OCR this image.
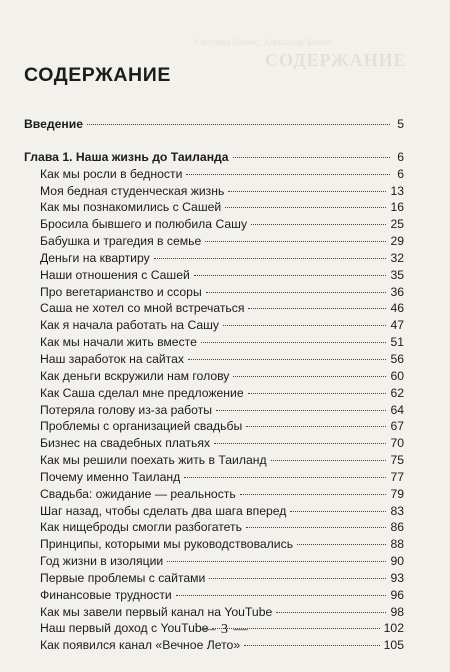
Светлана Бизнес, Александр Бизнес
СОДЕРЖАНИЕ
СОДЕРЖАНИЕ
Введение	5
Глава 1. Наша жизнь до Таиланда	6
Как мы росли в бедности	6
Моя бедная студенческая жизнь	13
Как мы познакомились с Сашей	16
Бросила бывшего и полюбила Сашу	25
Бабушка и трагедия в семье	29
Деньги на квартиру	32
Наши отношения с Сашей	35
Про вегетарианство и ссоры	36
Саша не хотел со мной встречаться	46
Как я начала работать на Сашу	47
Как мы начали жить вместе	51
Наш заработок на сайтах	56
Как деньги вскружили нам голову	60
Как Саша сделал мне предложение	62
Потеряла голову из-за работы	64
Проблемы с организацией свадьбы	67
Бизнес на свадебных платьях	70
Как мы решили поехать жить в Таиланд	75
Почему именно Таиланд	77
Свадьба: ожидание — реальность	79
Шаг назад, чтобы сделать два шага вперед	83
Как нищеброды смогли разбогатеть	86
Принципы, которыми мы руководствовались	88
Год жизни в изоляции	90
Первые проблемы с сайтами	93
Финансовые трудности	96
Как мы завели первый канал на YouTube	98
Наш первый доход с YouTube	102
Как появился канал «Вечное Лето»	105
— 3 —
